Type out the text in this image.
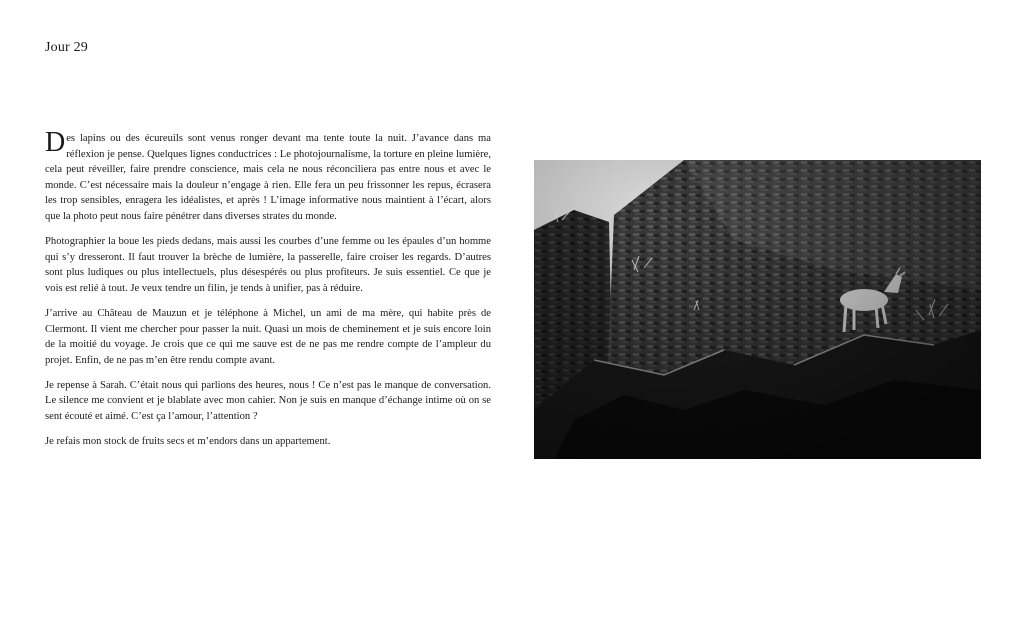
Jour 29

Des lapins ou des écureuils sont venus ronger devant ma tente toute la nuit. J’avance dans ma réflexion je pense. Quelques lignes conductrices : Le photojournalisme, la torture en pleine lumière, cela peut réveiller, faire prendre conscience, mais cela ne nous réconciliera pas entre nous et avec le monde. C’est nécessaire mais la douleur n’engage à rien. Elle fera un peu frissonner les repus, écrasera les trop sensibles, enragera les idéalistes, et après ! L’image informative nous maintient à l’écart, alors que la photo peut nous faire pénétrer dans diverses strates du monde.

Photographier la boue les pieds dedans, mais aussi les courbes d’une femme ou les épaules d’un homme qui s’y dresseront. Il faut trouver la brèche de lumière, la passerelle, faire croiser les regards. D’autres sont plus ludiques ou plus intellectuels, plus désespérés ou plus profiteurs. Je suis essentiel. Ce que je vois est relié à tout. Je veux tendre un filin, je tends à unifier, pas à réduire.

J’arrive au Château de Mauzun et je téléphone à Michel, un ami de ma mère, qui habite près de Clermont. Il vient me chercher pour passer la nuit. Quasi un mois de cheminement et je suis encore loin de la moitié du voyage. Je crois que ce qui me sauve est de ne pas me rendre compte de l’ampleur du projet. Enfin, de ne pas m’en être rendu compte avant.

Je repense à Sarah. C’était nous qui parlions des heures, nous ! Ce n’est pas le manque de conversation. Le silence me convient et je blablate avec mon cahier. Non je suis en manque d’échange intime où on se sent écouté et aimé. C’est ça l’amour, l’attention ?

Je refais mon stock de fruits secs et m’endors dans un appartement.
